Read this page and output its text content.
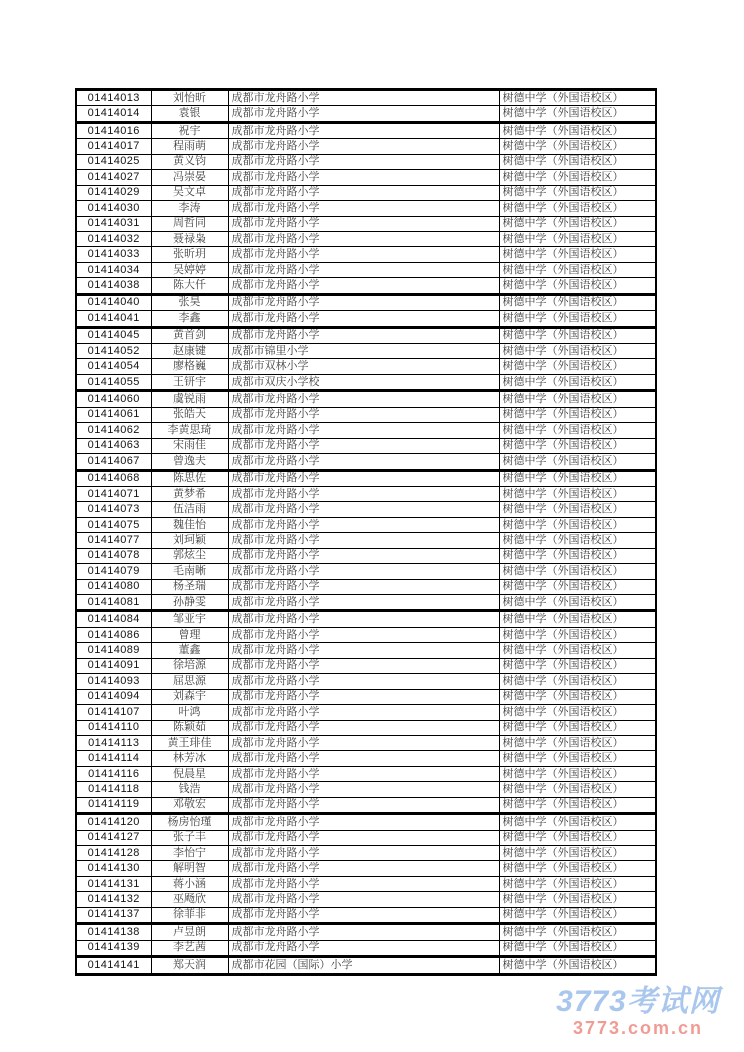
01414013	刘怡昕	成都市龙舟路小学	树德中学（外国语校区）
01414014	袁银	成都市龙舟路小学	树德中学（外国语校区）
01414016	祝宇	成都市龙舟路小学	树德中学（外国语校区）
01414017	程雨萌	成都市龙舟路小学	树德中学（外国语校区）
01414025	黄义钧	成都市龙舟路小学	树德中学（外国语校区）
01414027	冯崇晏	成都市龙舟路小学	树德中学（外国语校区）
01414029	吴文卓	成都市龙舟路小学	树德中学（外国语校区）
01414030	李涛	成都市龙舟路小学	树德中学（外国语校区）
01414031	周哲同	成都市龙舟路小学	树德中学（外国语校区）
01414032	聂禄枭	成都市龙舟路小学	树德中学（外国语校区）
01414033	张昕玥	成都市龙舟路小学	树德中学（外国语校区）
01414034	吴婷婷	成都市龙舟路小学	树德中学（外国语校区）
01414038	陈大仟	成都市龙舟路小学	树德中学（外国语校区）
01414040	张昊	成都市龙舟路小学	树德中学（外国语校区）
01414041	李鑫	成都市龙舟路小学	树德中学（外国语校区）
01414045	黄首剑	成都市龙舟路小学	树德中学（外国语校区）
01414052	赵康键	成都市锦里小学	树德中学（外国语校区）
01414054	廖格巍	成都市双林小学	树德中学（外国语校区）
01414055	王钘宇	成都市双庆小学校	树德中学（外国语校区）
01414060	虞锐雨	成都市龙舟路小学	树德中学（外国语校区）
01414061	张皓天	成都市龙舟路小学	树德中学（外国语校区）
01414062	李黄思琦	成都市龙舟路小学	树德中学（外国语校区）
01414063	宋雨佳	成都市龙舟路小学	树德中学（外国语校区）
01414067	曾逸夫	成都市龙舟路小学	树德中学（外国语校区）
01414068	陈思佐	成都市龙舟路小学	树德中学（外国语校区）
01414071	黄梦希	成都市龙舟路小学	树德中学（外国语校区）
01414073	伍洁雨	成都市龙舟路小学	树德中学（外国语校区）
01414075	魏佳怡	成都市龙舟路小学	树德中学（外国语校区）
01414077	刘珂颖	成都市龙舟路小学	树德中学（外国语校区）
01414078	郭炫尘	成都市龙舟路小学	树德中学（外国语校区）
01414079	毛南晰	成都市龙舟路小学	树德中学（外国语校区）
01414080	杨圣瑞	成都市龙舟路小学	树德中学（外国语校区）
01414081	孙静雯	成都市龙舟路小学	树德中学（外国语校区）
01414084	邹亚宇	成都市龙舟路小学	树德中学（外国语校区）
01414086	曾理	成都市龙舟路小学	树德中学（外国语校区）
01414089	董鑫	成都市龙舟路小学	树德中学（外国语校区）
01414091	徐培源	成都市龙舟路小学	树德中学（外国语校区）
01414093	屈思源	成都市龙舟路小学	树德中学（外国语校区）
01414094	刘森宇	成都市龙舟路小学	树德中学（外国语校区）
01414107	叶鸿	成都市龙舟路小学	树德中学（外国语校区）
01414110	陈颖茹	成都市龙舟路小学	树德中学（外国语校区）
01414113	黄王琲佳	成都市龙舟路小学	树德中学（外国语校区）
01414114	林芳冰	成都市龙舟路小学	树德中学（外国语校区）
01414116	倪晨星	成都市龙舟路小学	树德中学（外国语校区）
01414118	钱浩	成都市龙舟路小学	树德中学（外国语校区）
01414119	邓敬宏	成都市龙舟路小学	树德中学（外国语校区）
01414120	杨房怡瑾	成都市龙舟路小学	树德中学（外国语校区）
01414127	张子丰	成都市龙舟路小学	树德中学（外国语校区）
01414128	李怡宁	成都市龙舟路小学	树德中学（外国语校区）
01414130	解明智	成都市龙舟路小学	树德中学（外国语校区）
01414131	蒋小涵	成都市龙舟路小学	树德中学（外国语校区）
01414132	巫飏欣	成都市龙舟路小学	树德中学（外国语校区）
01414137	徐菲非	成都市龙舟路小学	树德中学（外国语校区）
01414138	卢昱朗	成都市龙舟路小学	树德中学（外国语校区）
01414139	李艺茜	成都市龙舟路小学	树德中学（外国语校区）
01414141	郑天润	成都市花园（国际）小学	树德中学（外国语校区）
3773考试网
3773.com.cn
